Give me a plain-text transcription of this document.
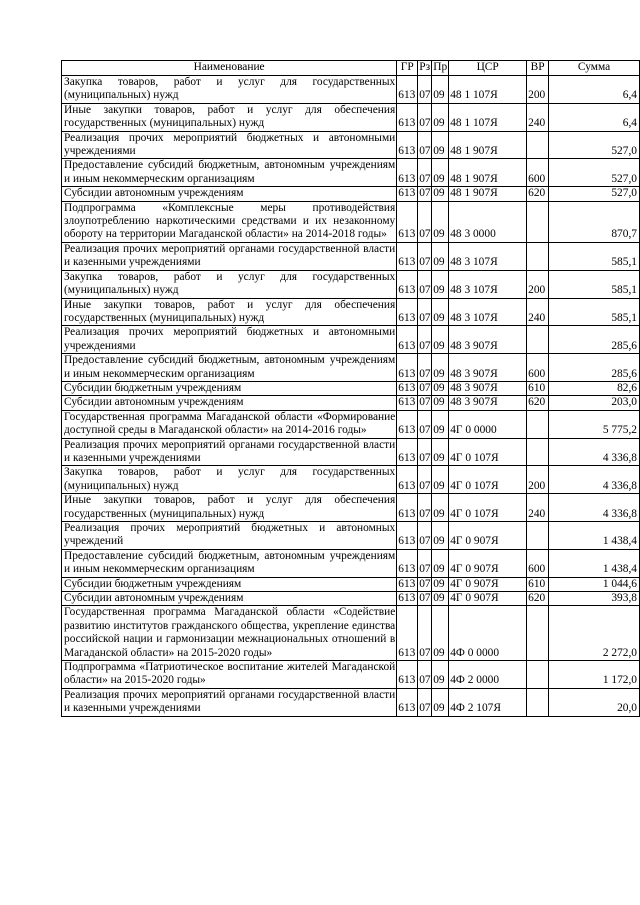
Наименование	ГР	Рз	Пр	ЦСР	ВР	Сумма
Закупка товаров, работ и услуг для государственных (муниципальных) нужд	613	07	09	48 1 107Я	200	6,4
Иные закупки товаров, работ и услуг для обеспечения государственных (муниципальных) нужд	613	07	09	48 1 107Я	240	6,4
Реализация прочих мероприятий бюджетных и автономными учреждениями	613	07	09	48 1 907Я		527,0
Предоставление субсидий бюджетным, автономным учреждениям и иным некоммерческим организациям	613	07	09	48 1 907Я	600	527,0
Субсидии автономным учреждениям	613	07	09	48 1 907Я	620	527,0
Подпрограмма «Комплексные меры противодействия злоупотреблению наркотическими средствами и их незаконному обороту на территории Магаданской области» на 2014-2018 годы»	613	07	09	48 3 0000		870,7
Реализация прочих мероприятий органами государственной власти и казенными учреждениями	613	07	09	48 3 107Я		585,1
Закупка товаров, работ и услуг для государственных (муниципальных) нужд	613	07	09	48 3 107Я	200	585,1
Иные закупки товаров, работ и услуг для обеспечения государственных (муниципальных) нужд	613	07	09	48 3 107Я	240	585,1
Реализация прочих мероприятий бюджетных и автономными учреждениями	613	07	09	48 3 907Я		285,6
Предоставление субсидий бюджетным, автономным учреждениям и иным некоммерческим организациям	613	07	09	48 3 907Я	600	285,6
Субсидии бюджетным учреждениям	613	07	09	48 3 907Я	610	82,6
Субсидии автономным учреждениям	613	07	09	48 3 907Я	620	203,0
Государственная программа Магаданской области «Формирование доступной среды в Магаданской области» на 2014-2016 годы»	613	07	09	4Г 0 0000		5 775,2
Реализация прочих мероприятий органами государственной власти и казенными учреждениями	613	07	09	4Г 0 107Я		4 336,8
Закупка товаров, работ и услуг для государственных (муниципальных) нужд	613	07	09	4Г 0 107Я	200	4 336,8
Иные закупки товаров, работ и услуг для обеспечения государственных (муниципальных) нужд	613	07	09	4Г 0 107Я	240	4 336,8
Реализация прочих мероприятий бюджетных и автономных учреждений	613	07	09	4Г 0 907Я		1 438,4
Предоставление субсидий бюджетным, автономным учреждениям и иным некоммерческим организациям	613	07	09	4Г 0 907Я	600	1 438,4
Субсидии бюджетным учреждениям	613	07	09	4Г 0 907Я	610	1 044,6
Субсидии автономным учреждениям	613	07	09	4Г 0 907Я	620	393,8
Государственная программа Магаданской области «Содействие развитию институтов гражданского общества, укрепление единства российской нации и гармонизации межнациональных отношений в Магаданской области» на 2015-2020 годы»	613	07	09	4Ф 0 0000		2 272,0
Подпрограмма «Патриотическое воспитание жителей Магаданской области» на 2015-2020 годы»	613	07	09	4Ф 2 0000		1 172,0
Реализация прочих мероприятий органами государственной власти и казенными учреждениями	613	07	09	4Ф 2 107Я		20,0
